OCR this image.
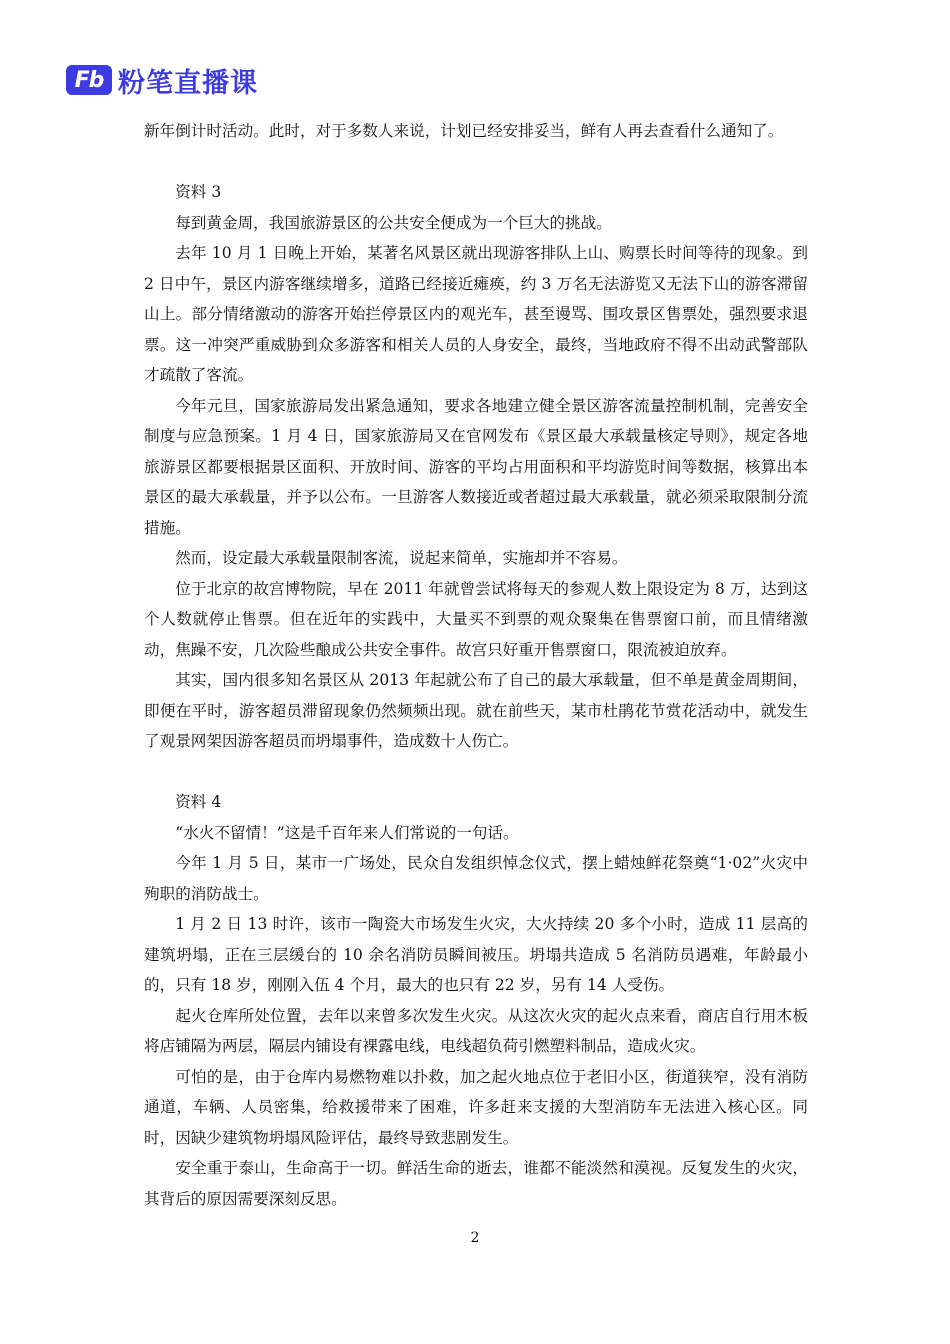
Fb 粉笔直播课

新年倒计时活动。此时，对于多数人来说，计划已经安排妥当，鲜有人再去查看什么通知了。

资料 3

每到黄金周，我国旅游景区的公共安全便成为一个巨大的挑战。

去年 10 月 1 日晚上开始，某著名风景区就出现游客排队上山、购票长时间等待的现象。到 2 日中午，景区内游客继续增多，道路已经接近瘫痪，约 3 万名无法游览又无法下山的游客滞留山上。部分情绪激动的游客开始拦停景区内的观光车，甚至谩骂、围攻景区售票处，强烈要求退票。这一冲突严重威胁到众多游客和相关人员的人身安全，最终，当地政府不得不出动武警部队才疏散了客流。

今年元旦，国家旅游局发出紧急通知，要求各地建立健全景区游客流量控制机制，完善安全制度与应急预案。1 月 4 日，国家旅游局又在官网发布《景区最大承载量核定导则》，规定各地旅游景区都要根据景区面积、开放时间、游客的平均占用面积和平均游览时间等数据，核算出本景区的最大承载量，并予以公布。一旦游客人数接近或者超过最大承载量，就必须采取限制分流措施。

然而，设定最大承载量限制客流，说起来简单，实施却并不容易。

位于北京的故宫博物院，早在 2011 年就曾尝试将每天的参观人数上限设定为 8 万，达到这个人数就停止售票。但在近年的实践中，大量买不到票的观众聚集在售票窗口前，而且情绪激动，焦躁不安，几次险些酿成公共安全事件。故宫只好重开售票窗口，限流被迫放弃。

其实，国内很多知名景区从 2013 年起就公布了自己的最大承载量，但不单是黄金周期间，即便在平时，游客超员滞留现象仍然频频出现。就在前些天，某市杜鹃花节赏花活动中，就发生了观景网架因游客超员而坍塌事件，造成数十人伤亡。

资料 4

“水火不留情！”这是千百年来人们常说的一句话。

今年 1 月 5 日，某市一广场处，民众自发组织悼念仪式，摆上蜡烛鲜花祭奠“1·02”火灾中殉职的消防战士。

1 月 2 日 13 时许，该市一陶瓷大市场发生火灾，大火持续 20 多个小时，造成 11 层高的建筑坍塌，正在三层缓台的 10 余名消防员瞬间被压。坍塌共造成 5 名消防员遇难，年龄最小的，只有 18 岁，刚刚入伍 4 个月，最大的也只有 22 岁，另有 14 人受伤。

起火仓库所处位置，去年以来曾多次发生火灾。从这次火灾的起火点来看，商店自行用木板将店铺隔为两层，隔层内铺设有裸露电线，电线超负荷引燃塑料制品，造成火灾。

可怕的是，由于仓库内易燃物难以扑救，加之起火地点位于老旧小区，街道狭窄，没有消防通道，车辆、人员密集，给救援带来了困难，许多赶来支援的大型消防车无法进入核心区。同时，因缺少建筑物坍塌风险评估，最终导致悲剧发生。

安全重于泰山，生命高于一切。鲜活生命的逝去，谁都不能淡然和漠视。反复发生的火灾，其背后的原因需要深刻反思。

2
